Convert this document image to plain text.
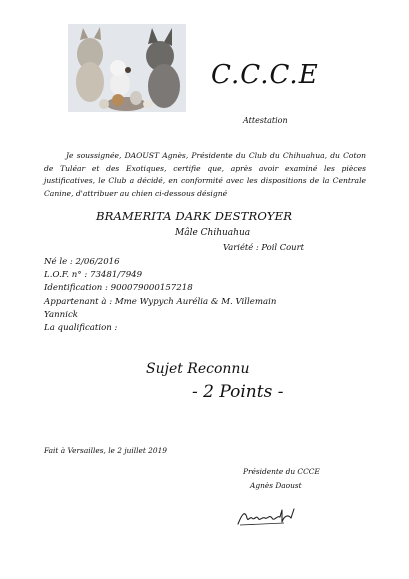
C.C.C.E
Attestation
Je soussignée, DAOUST Agnès, Présidente du Club du Chihuahua, du Coton de Tuléar et des Exotiques, certifie que, après avoir examiné les pièces justificatives, le Club a décidé, en conformité avec les dispositions de la Centrale Canine, d'attribuer au chien ci-dessous désigné
BRAMERITA DARK DESTROYER
Mâle Chihuahua
Variété : Poil Court
Né le : 2/06/2016
L.O.F. n° : 73481/7949
Identification : 900079000157218
Appartenant à : Mme Wypych Aurélia & M. Villemain
Yannick
La qualification :
Sujet Reconnu
- 2 Points -
Fait à Versailles, le 2 juillet 2019
Présidente du CCCE
Agnès Daoust
